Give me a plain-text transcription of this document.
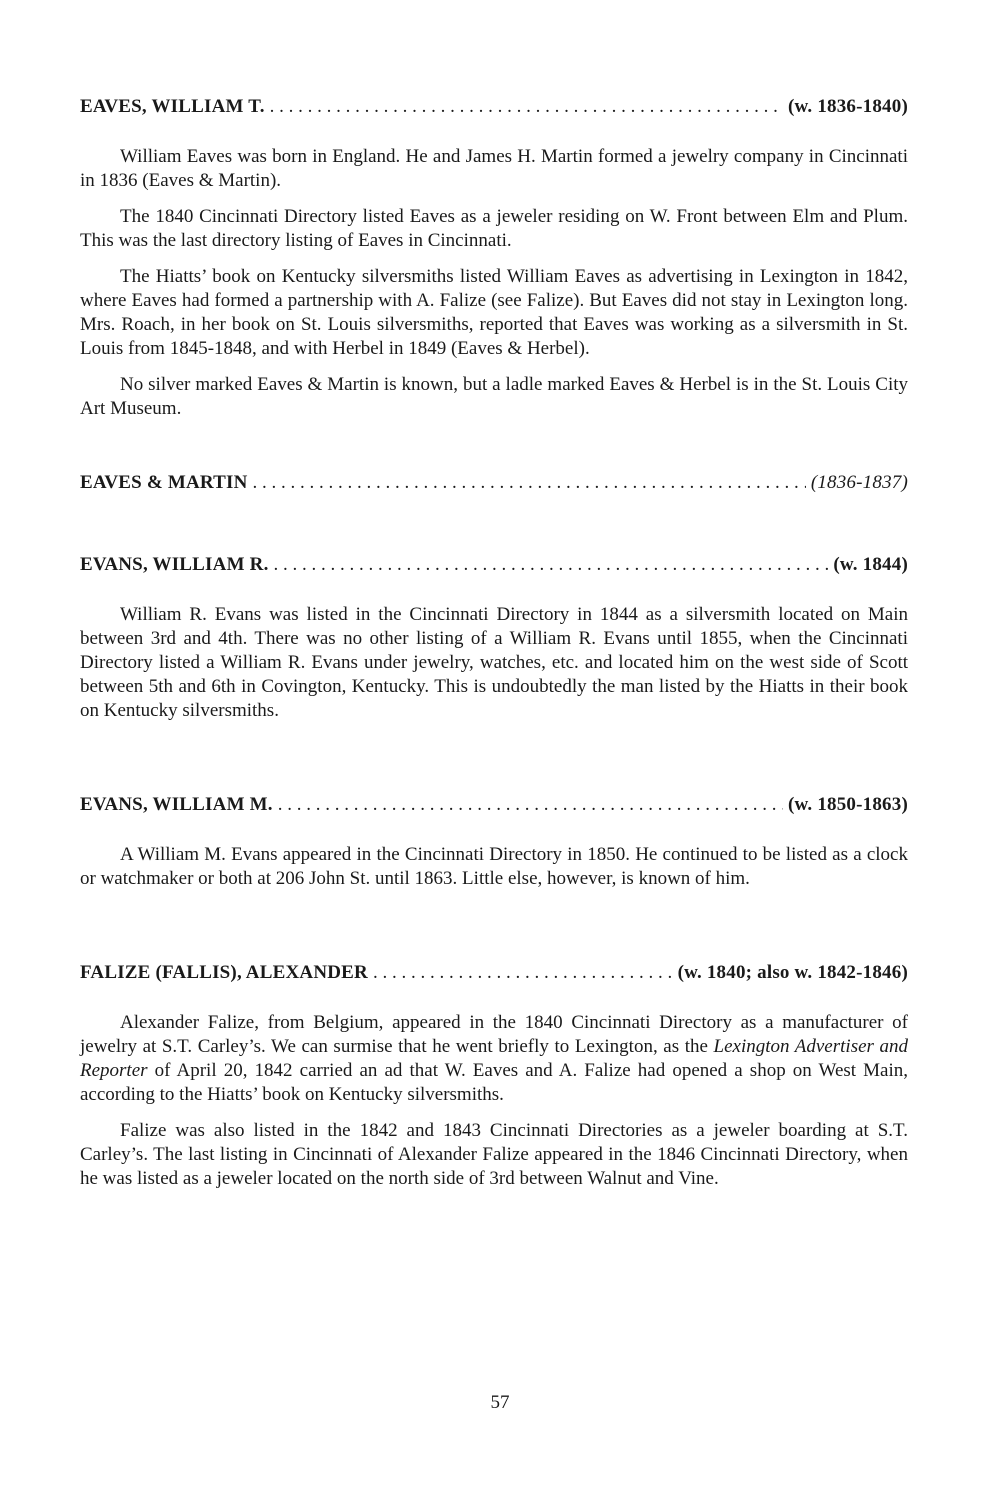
EAVES, WILLIAM T. . . .	(w. 1836-1840)

William Eaves was born in England. He and James H. Martin formed a jewelry company in Cincinnati in 1836 (Eaves & Martin).

The 1840 Cincinnati Directory listed Eaves as a jeweler residing on W. Front between Elm and Plum. This was the last directory listing of Eaves in Cincinnati.

The Hiatts’ book on Kentucky silversmiths listed William Eaves as advertising in Lexington in 1842, where Eaves had formed a partnership with A. Falize (see Falize). But Eaves did not stay in Lexington long. Mrs. Roach, in her book on St. Louis silversmiths, reported that Eaves was working as a silversmith in St. Louis from 1845-1848, and with Herbel in 1849 (Eaves & Herbel).

No silver marked Eaves & Martin is known, but a ladle marked Eaves & Herbel is in the St. Louis City Art Museum.

EAVES & MARTIN . . .	(1836-1837)
EVANS, WILLIAM R. . . .	(w. 1844)

William R. Evans was listed in the Cincinnati Directory in 1844 as a silversmith located on Main between 3rd and 4th. There was no other listing of a William R. Evans until 1855, when the Cincinnati Directory listed a William R. Evans under jewelry, watches, etc. and located him on the west side of Scott between 5th and 6th in Covington, Kentucky. This is undoubtedly the man listed by the Hiatts in their book on Kentucky silversmiths.

EVANS, WILLIAM M. . . .	(w. 1850-1863)

A William M. Evans appeared in the Cincinnati Directory in 1850. He continued to be listed as a clock or watchmaker or both at 206 John St. until 1863. Little else, however, is known of him.

FALIZE (FALLIS), ALEXANDER . . .	(w. 1840; also w. 1842-1846)

Alexander Falize, from Belgium, appeared in the 1840 Cincinnati Directory as a manufacturer of jewelry at S.T. Carley’s. We can surmise that he went briefly to Lexington, as the Lexington Advertiser and Reporter of April 20, 1842 carried an ad that W. Eaves and A. Falize had opened a shop on West Main, according to the Hiatts’ book on Kentucky silversmiths.

Falize was also listed in the 1842 and 1843 Cincinnati Directories as a jeweler boarding at S.T. Carley’s. The last listing in Cincinnati of Alexander Falize appeared in the 1846 Cincinnati Directory, when he was listed as a jeweler located on the north side of 3rd between Walnut and Vine.

57
